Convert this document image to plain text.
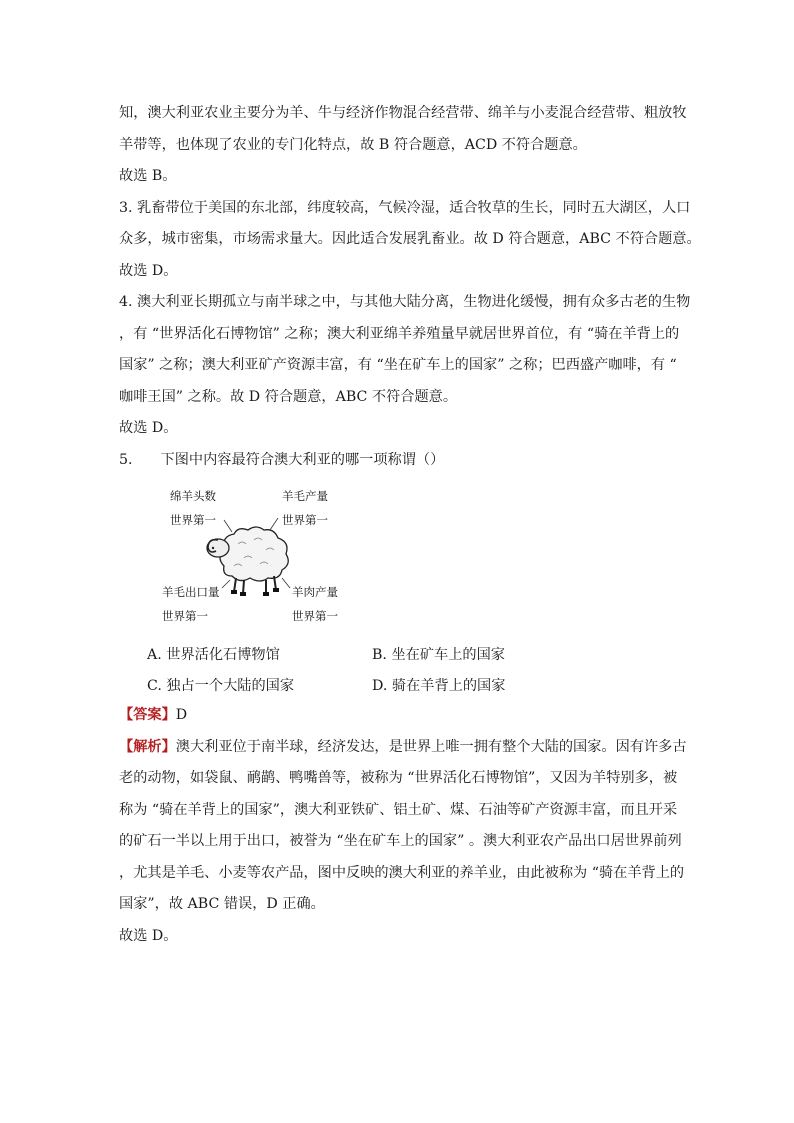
知，澳大利亚农业主要分为羊、牛与经济作物混合经营带、绵羊与小麦混合经营带、粗放牧
羊带等，也体现了农业的专门化特点，故 B 符合题意，ACD 不符合题意。
故选 B。
3. 乳畜带位于美国的东北部，纬度较高，气候冷湿，适合牧草的生长，同时五大湖区，人口
众多，城市密集，市场需求量大。因此适合发展乳畜业。故 D 符合题意，ABC 不符合题意。
故选 D。
4. 澳大利亚长期孤立与南半球之中，与其他大陆分离，生物进化缓慢，拥有众多古老的生物
，有 “世界活化石博物馆” 之称；澳大利亚绵羊养殖量早就居世界首位，有 “骑在羊背上的
国家” 之称；澳大利亚矿产资源丰富，有 “坐在矿车上的国家” 之称；巴西盛产咖啡，有 “
咖啡王国” 之称。故 D 符合题意，ABC 不符合题意。
故选 D。
5. 下图中内容最符合澳大利亚的哪一项称谓（）
绵羊头数
世界第一
羊毛产量
世界第一
羊毛出口量
世界第一
羊肉产量
世界第一
A. 世界活化石博物馆	B. 坐在矿车上的国家
C. 独占一个大陆的国家	D. 骑在羊背上的国家
【答案】D
【解析】澳大利亚位于南半球，经济发达，是世界上唯一拥有整个大陆的国家。因有许多古
老的动物，如袋鼠、鸸鹋、鸭嘴兽等，被称为 “世界活化石博物馆”，又因为羊特别多，被
称为 “骑在羊背上的国家”，澳大利亚铁矿、铝土矿、煤、石油等矿产资源丰富，而且开采
的矿石一半以上用于出口，被誉为 “坐在矿车上的国家” 。澳大利亚农产品出口居世界前列
，尤其是羊毛、小麦等农产品，图中反映的澳大利亚的养羊业，由此被称为 “骑在羊背上的
国家”，故 ABC 错误，D 正确。
故选 D。
